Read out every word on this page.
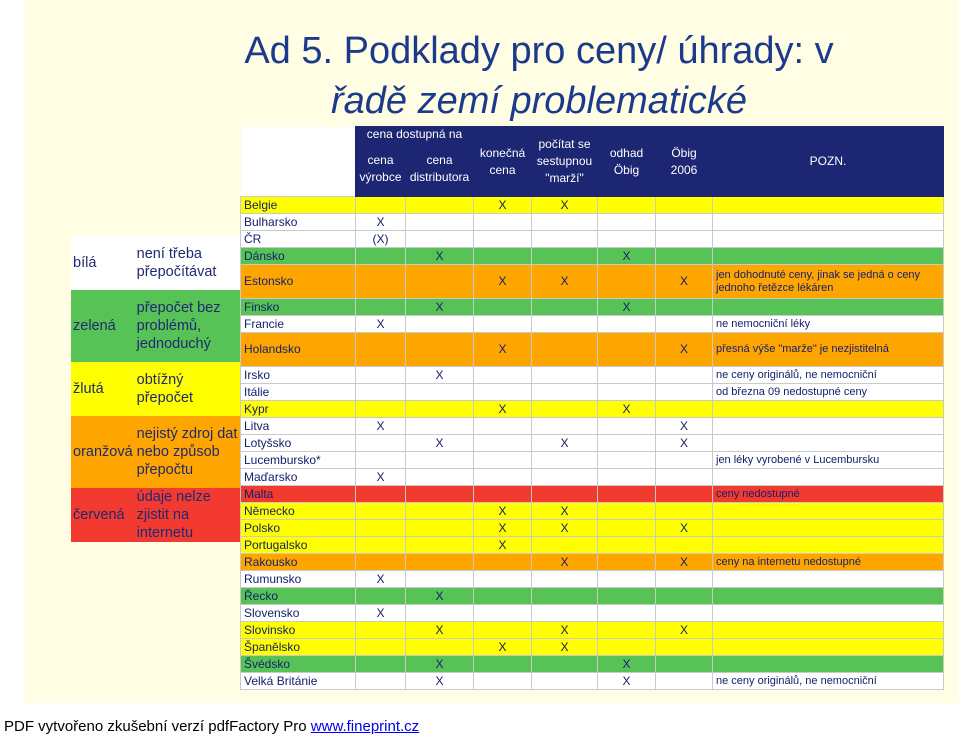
Ad 5. Podklady pro ceny/ úhrady: v
řadě zemí problematické
bílá	není třeba přepočítávat
zelená	přepočet bez problémů, jednoduchý
žlutá	obtížný přepočet
oranžová	nejistý zdroj dat nebo způsob přepočtu
červená	údaje nelze zjistit na internetu
	cena dostupná na		konečná cena	počítat se sestupnou "marží"	odhad Öbig	Öbig 2006	POZN.
	cena výrobce	cena distributora					
Belgie			X	X			
Bulharsko	X						
ČR	(X)						
Dánsko		X			X		
Estonsko			X	X		X	jen dohodnuté ceny, jinak se jedná o ceny jednoho řetězce lékáren
Finsko		X			X		
Francie	X						ne nemocniční léky
Holandsko			X			X	přesná výše "marže" je nezjistitelná
Irsko		X					ne ceny originálů, ne nemocniční
Itálie							od března 09 nedostupné ceny
Kypr			X		X		
Litva	X					X	
Lotyšsko		X		X		X	
Lucembursko*							jen léky vyrobené v Lucembursku
Maďarsko	X						
Malta							ceny nedostupné
Německo			X	X			
Polsko			X	X		X	
Portugalsko			X				
Rakousko				X		X	ceny na internetu nedostupné
Rumunsko	X						
Řecko		X					
Slovensko	X						
Slovinsko		X		X		X	
Španělsko			X	X			
Švédsko		X			X		
Velká Británie		X			X		ne ceny originálů, ne nemocniční
PDF vytvořeno zkušební verzí pdfFactory Pro www.fineprint.cz
